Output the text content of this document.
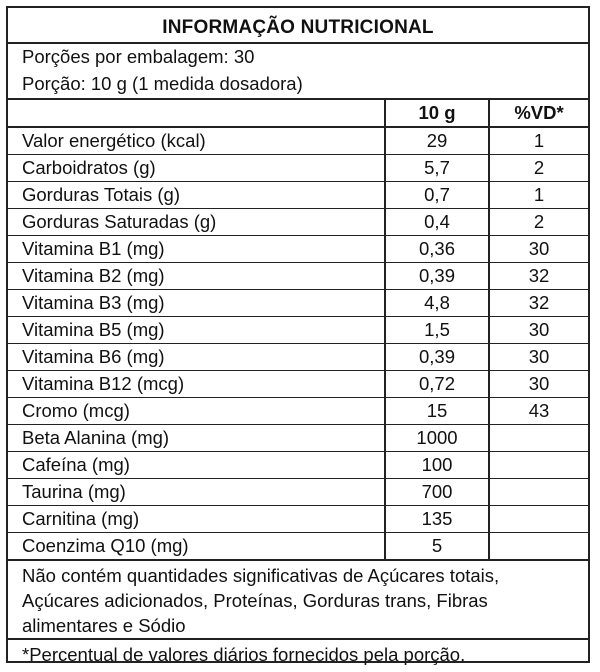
INFORMAÇÃO NUTRICIONAL
Porções por embalagem: 30
Porção: 10 g (1 medida dosadora)
	10 g	%VD*
Valor energético (kcal)	29	1
Carboidratos (g)	5,7	2
Gorduras Totais (g)	0,7	1
Gorduras Saturadas (g)	0,4	2
Vitamina B1 (mg)	0,36	30
Vitamina B2 (mg)	0,39	32
Vitamina B3 (mg)	4,8	32
Vitamina B5 (mg)	1,5	30
Vitamina B6 (mg)	0,39	30
Vitamina B12 (mcg)	0,72	30
Cromo (mcg)	15	43
Beta Alanina (mg)	1000	
Cafeína (mg)	100	
Taurina (mg)	700	
Carnitina (mg)	135	
Coenzima Q10 (mg)	5	
Não contém quantidades significativas de Açúcares totais, Açúcares adicionados, Proteínas, Gorduras trans, Fibras alimentares e Sódio
*Percentual de valores diários fornecidos pela porção.
